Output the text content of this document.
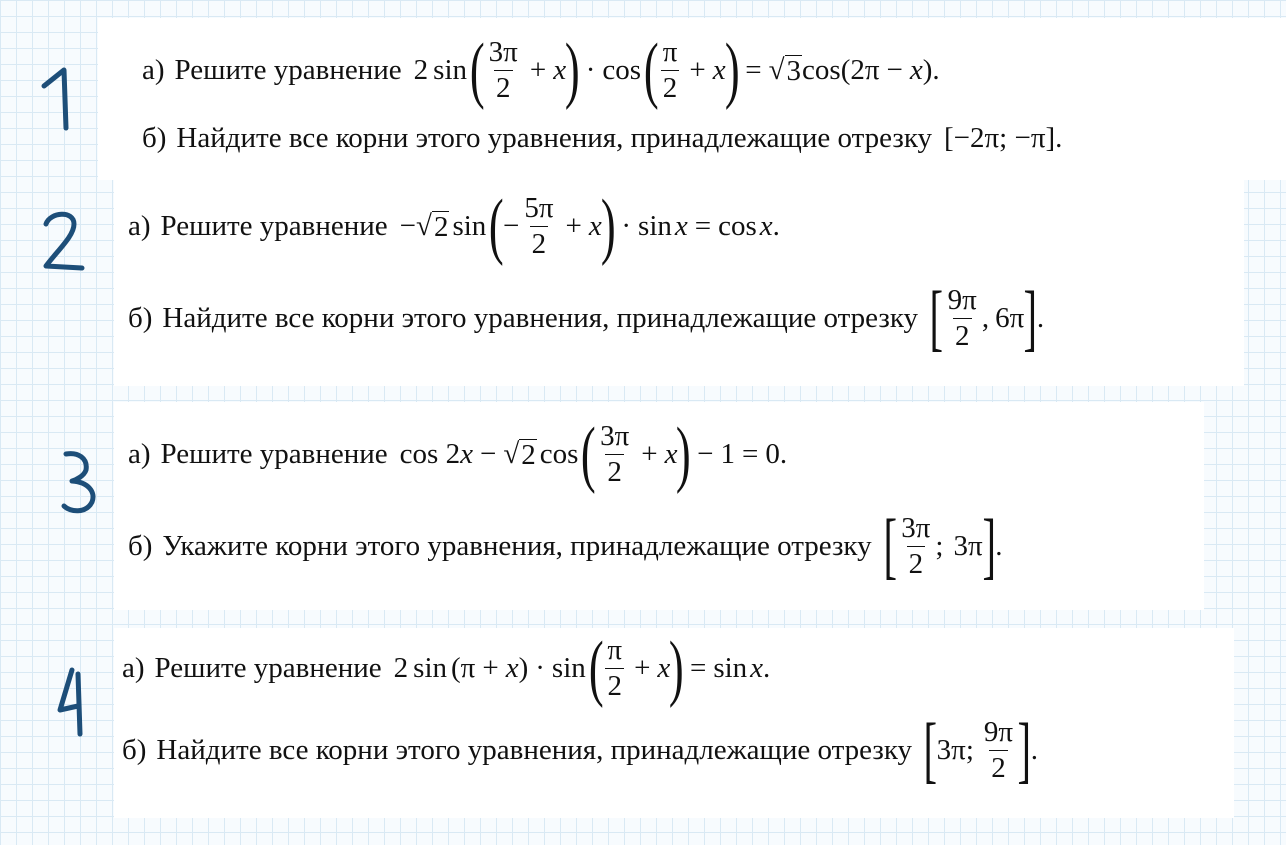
а) Решите уравнение 2 sin ( $\frac{3\pi}{2} + x$
) · cos ( $\frac{\pi}{2} + x$
) = √ 3 cos(2π − x ).
б) Найдите все корни этого уравнения, принадлежащие отрезку [−2π; −π].
а) Решите уравнение −√ 2 sin (
− $\frac{5\pi}{2} + x$
) · sin x = cos x .
б) Найдите все корни этого уравнения, принадлежащие отрезку [ $\frac{9\pi}{2}$ , 6π ] .
а) Решите уравнение cos 2 x − √ 2 cos ( $\frac{3\pi}{2} + x$
) − 1 = 0.
б) Укажите корни этого уравнения, принадлежащие отрезку [ $\frac{3\pi}{2}$ ; 3π ] .
а) Решите уравнение 2 sin (π + x ) · sin ( $\frac{\pi}{2} + x$
) = sin x .
б) Найдите все корни этого уравнения, принадлежащие отрезку [ 3π ; $\frac{9\pi}{2}$ ] .
